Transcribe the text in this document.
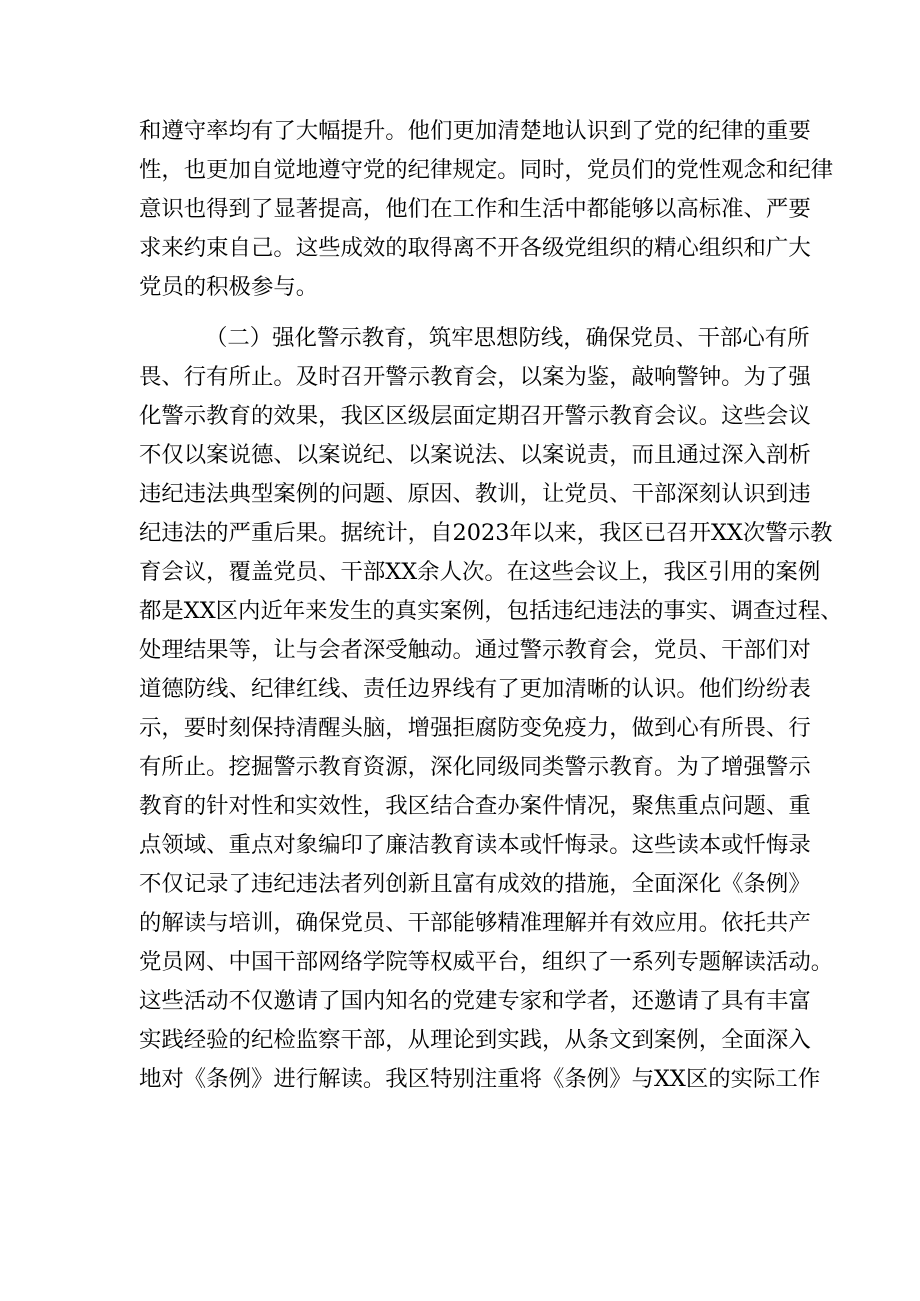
和遵守率均有了大幅提升。他们更加清楚地认识到了党的纪律的重要
性，也更加自觉地遵守党的纪律规定。同时，党员们的党性观念和纪律
意识也得到了显著提高，他们在工作和生活中都能够以高标准、严要
求来约束自己。这些成效的取得离不开各级党组织的精心组织和广大
党员的积极参与。
（二）强化警示教育，筑牢思想防线，确保党员、干部心有所
畏、行有所止。及时召开警示教育会，以案为鉴，敲响警钟。为了强
化警示教育的效果，我区区级层面定期召开警示教育会议。这些会议
不仅以案说德、以案说纪、以案说法、以案说责，而且通过深入剖析
违纪违法典型案例的问题、原因、教训，让党员、干部深刻认识到违
纪违法的严重后果。据统计，自2023年以来，我区已召开XX次警示教
育会议，覆盖党员、干部XX余人次。在这些会议上，我区引用的案例
都是XX区内近年来发生的真实案例，包括违纪违法的事实、调查过程、
处理结果等，让与会者深受触动。通过警示教育会，党员、干部们对
道德防线、纪律红线、责任边界线有了更加清晰的认识。他们纷纷表
示，要时刻保持清醒头脑，增强拒腐防变免疫力，做到心有所畏、行
有所止。挖掘警示教育资源，深化同级同类警示教育。为了增强警示
教育的针对性和实效性，我区结合查办案件情况，聚焦重点问题、重
点领域、重点对象编印了廉洁教育读本或忏悔录。这些读本或忏悔录
不仅记录了违纪违法者列创新且富有成效的措施，全面深化《条例》
的解读与培训，确保党员、干部能够精准理解并有效应用。依托共产
党员网、中国干部网络学院等权威平台，组织了一系列专题解读活动。
这些活动不仅邀请了国内知名的党建专家和学者，还邀请了具有丰富
实践经验的纪检监察干部，从理论到实践，从条文到案例，全面深入
地对《条例》进行解读。我区特别注重将《条例》与XX区的实际工作
